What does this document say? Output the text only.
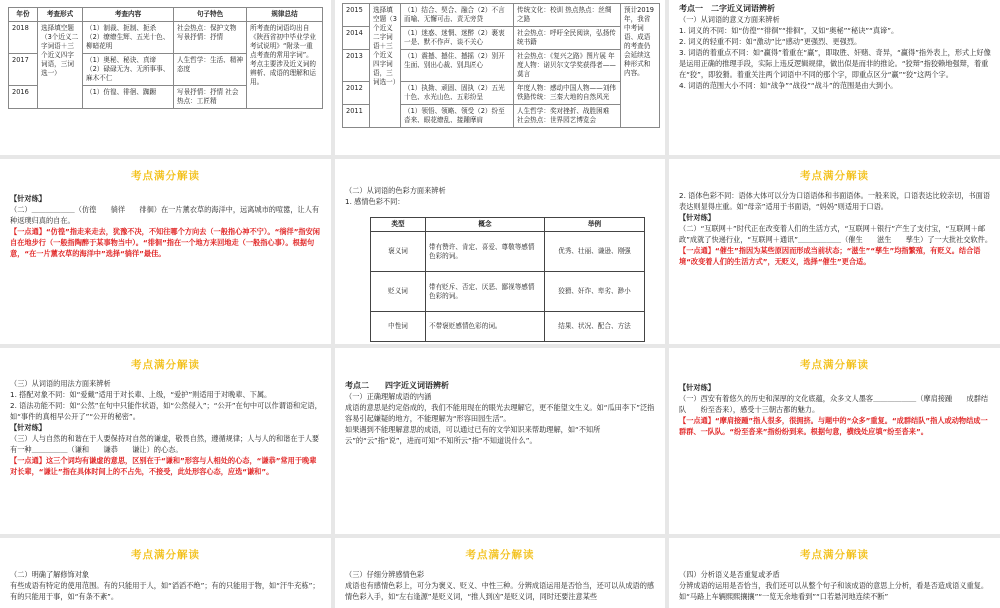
年份	考查形式	考查内容	句子特色	规律总结
2018	选择填空题（3个近义二字词语＋三个近义四字词语，三词选一）	（1）制裁、扼制、扼杀（2）缭缭生辉、五光十色、柳暗花明	社会热点：保护文物 写景抒情：抒情	所考查的词语均出自《陕西省初中毕业学业考试说明》“附录一重点考查的常用字词”。考点主要涉及近义词的辨析、成语的理解和运用。
2017		（1）奥秘、秘诀、真谛（2）碌碌无为、无所事事、麻木不仁	人生哲学：生活、精神态度	
2016		（1）仿徨、徘徊、踟蹰	写景抒情：抒情 社会热点：工匠精	
2015	选择填空题（3个近义二字词语＋三个近义四字词语，三词选一）	（1）结合、契合、融合（2）不言而喻、无懈可击、责无旁贷	传统文化：校训 热点热点：丝绸之路	预计2019年，我省中考词语、成语的考查仍会延续这种形式和内容。
2014		（1）迷惑、迷惘、迷醉（2）裹衷一是、默不作声、谈不关心	社会热点：呼吁全民阅读，弘扬传统书籍	
2013		（1）震撼、撼住、撼摇（2）别开生面、别出心裁、别具匠心	社会热点：《复兴之路》图片展 年度人物：诺贝尔文学奖获得者——莫言	
2012		（1）执拗、顽固、固执（2）五光十色、水光山色、五彩纷呈	年度人物：感动中国人物——刘伟 铁路传统：三秦大地的自然风光	
2011		（1）领悟、领略、领受（2）纷至沓来、眼花缭乱、接踵摩肩	人生哲学：奖对挫折、战胜困难 社会热点：世界园艺博览会	

考点一　二字近义词语辨析

（一）从词语的意义方面来辨析

1. 词义的不同：如“仿徨”“徘徊”“排徊”，又如“奥秘”“秘诀”“真谛”。

2. 词义的轻重不同：如“激动”比“感动”更强烈、更强烈。

3. 词语的着重点不同：如“赢得”着重在“赢”，即取胜、奸赌、奇异，“赢得”指外表上，形式上好像是运用正确的推理手段，实际上违反逻辑规律，做出似是而非的推论。“狡辩”指狡赖地强辩，着重在“狡”，即狡猾。着重关注两个词语中不同的那个字，即重点区分“赢”“狡”这两个字。

4. 词语的范围大小不同：如“战争”“战役”“战斗”的范围是由大到小。

考点满分解读

【针对练】

（二）＿＿＿＿＿＿（仿徨　　徜徉　　徘徊）在一片薰衣草的海洋中，远离城市的喧嚣，让人有种返璞归真的自在。

【一点通】“仿徨”指走来走去，犹豫不决，不知往哪个方向去（一般指心神不宁）。“徜徉”指安闲自在地步行（一般指陶醉于某事物当中）。“徘徊”指在一个地方来回地走（一般指心事）。根据句意，“在一片薰衣草的海洋中”选择“徜徉”最佳。

（二）从词语的色彩方面来辨析

1. 感情色彩不同：

类型	概念	举例
褒义词	带有赞许、肯定、喜爱、尊敬等感情色彩的词。	优秀、壮丽、谦逊、刚强
贬义词	带有贬斥、否定、厌恶、鄙视等感情色彩的词。	狡猾、奸诈、卑劣、渺小
中性词	不带褒贬感情色彩的词。	结果、状况、配合、方法
考点满分解读

2. 语体色彩不同：语体大体可以分为口语语体和书面语体。一般来说，口语表达比较亲切，书面语表达则显得庄重。如“母亲”适用于书面语，“妈妈”则适用于口语。

【针对练】

（二）“互联网＋”时代正在改变着人们的生活方式，“互联网＋银行”产生了支付宝，“互联网＋邮政”成就了快递行业，“互联网＋通讯”＿＿＿＿＿＿（催生　　滋生　　孳生）了一大批社交软件。

【一点通】“催生”指因为某些原因而形成当前状态；“滋生”“孳生”均指繁殖，有贬义。结合语境“改变着人们的生活方式”，无贬义，选择“催生”更合适。

考点满分解读

（三）从词语的用法方面来辨析

1. 搭配对象不同：如“爱戴”适用于对长辈、上级，“爱护”则适用于对晚辈、下属。

2. 语法功能不同：如“公然”在句中只能作状语，如“公然侵入”；“公开”在句中可以作谓语和定语，如“事件的真相早公开了”“公开的秘密”。

【针对练】

（三）人与自然的和谐在于人要保持对自然的谦虚，敬畏自然，遵循规律；人与人的和谐在于人要有一种＿＿＿＿＿（谦和　　谦恭　　谦让）的心态。

【一点通】这三个词均有谦虚的意思，区别在于“谦和”形容与人相处的心态，“谦恭”常用于晚辈对长辈，“谦让”指在具体时间上的不占先，不接受，此处形容心态，应选“谦和”。

考点二　　四字近义词语辨析

（一）正确理解成语的内涵

成语的意思是约定俗成的，我们不能用现在的眼光去理解它，更不能望文生义。如“瓜田李下”泛指容易引起嫌疑的地方，不能理解为“形容田园生活”。

如果遇到不能理解意思的成语，可以通过已有的文学知识来帮助理解，如“不知所云”的“云”指“说”，进而可知“不知所云”指“不知道说什么”。

考点满分解读

【针对练】

（一）西安有着悠久的历史和深厚的文化底蕴，众多文人墨客＿＿＿＿＿＿（摩肩接踵　　成群结队　　纷至沓来），感受十三朝古都的魅力。

【一点通】“摩肩接踵”指人很多，很拥挤。与题中的“众多”重复。“成群结队”指人或动物结成一群群、一队队。“纷至沓来”指纷纷到来。根据句意，横线处应填“纷至沓来”。

考点满分解读

（二）明确了解修饰对象

有些成语有特定的使用范围。有的只能用于人，如“滔滔不绝”；有的只能用于物，如“汗牛充栋”；有的只能用于事，如“有条不紊”。

考点满分解读

（三）仔细分辨感情色彩

成语也有感情色彩上，可分为褒义、贬义、中性三种。分辨成语运用是否恰当，还可以从成语的感情色彩入手，如“左右逢源”是贬义词，“推人到凶”是贬义词，同时还要注意某些

考点满分解读

（四）分析语义是否重复或矛盾

分辨成语的运用是否恰当，我们还可以从整个句子和该成语的意思上分析，看是否造成语义重复。如“马路上车辆熙熙攘攘”“一览无余地看到”“口若悬河地连续不断”
